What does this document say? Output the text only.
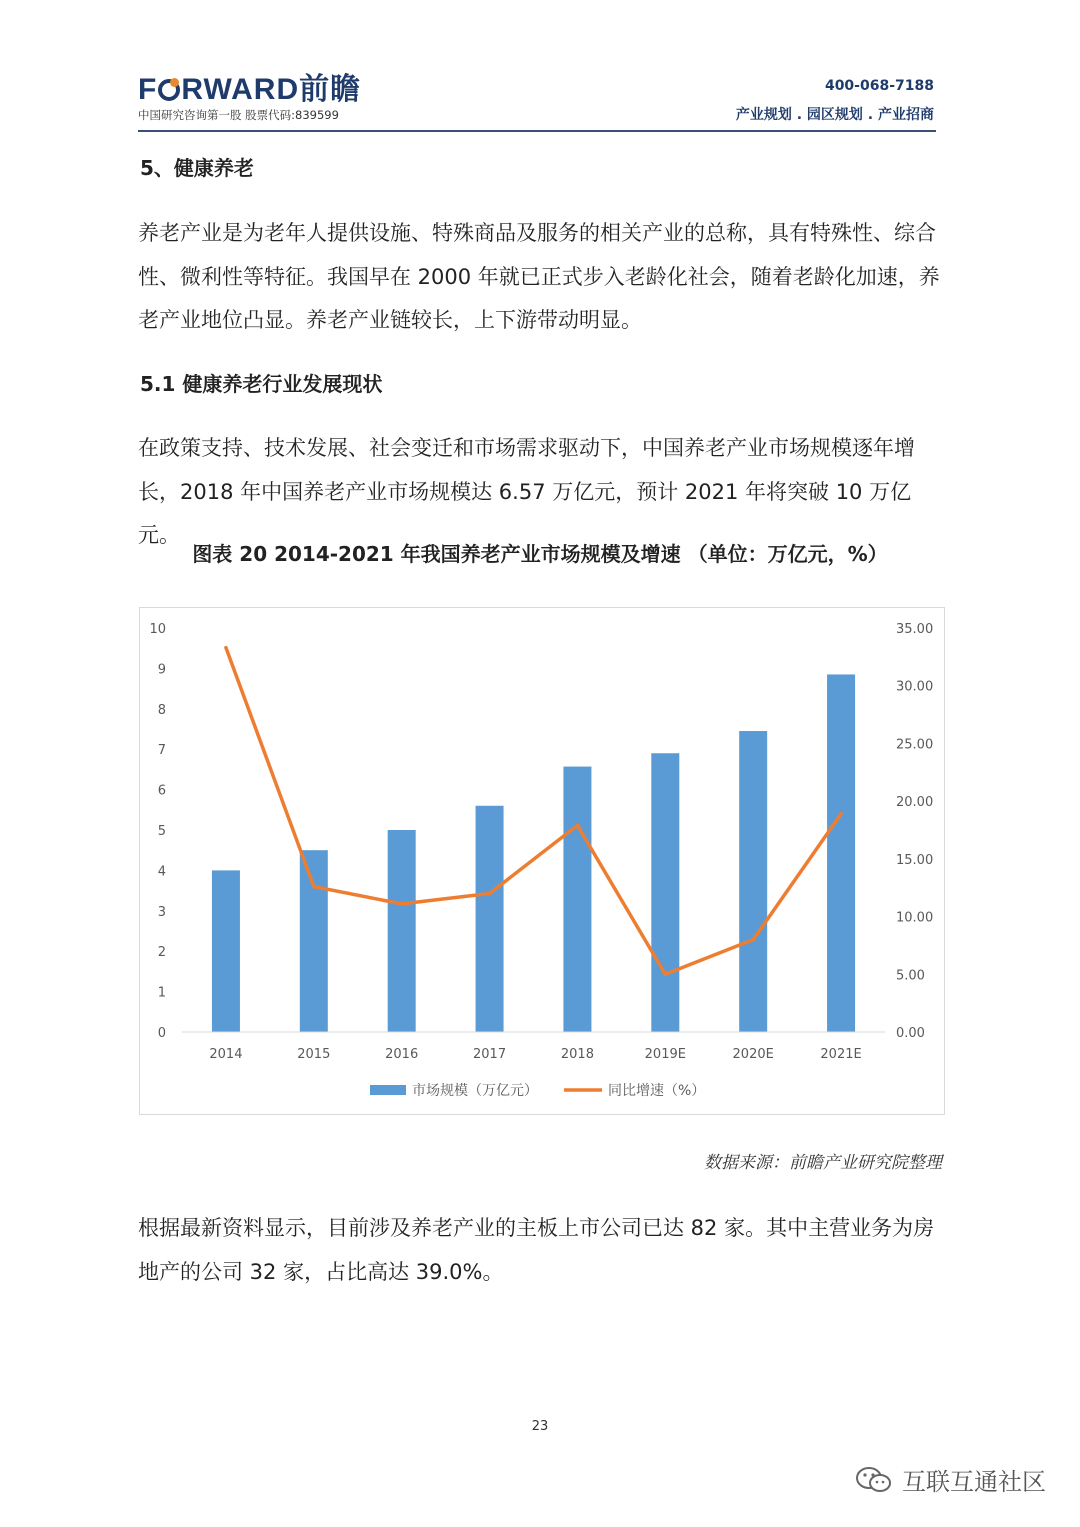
F RWARD前瞻
中国研究咨询第一股 股票代码:839599
400-068-7188
产业规划 . 园区规划 . 产业招商
5、健康养老
养老产业是为老年人提供设施、特殊商品及服务的相关产业的总称，具有特殊性、综合性、微利性等特征。我国早在 2000 年就已正式步入老龄化社会，随着老龄化加速，养老产业地位凸显。养老产业链较长，上下游带动明显。
5.1 健康养老行业发展现状
在政策支持、技术发展、社会变迁和市场需求驱动下，中国养老产业市场规模逐年增长，2018 年中国养老产业市场规模达 6.57 万亿元，预计 2021 年将突破 10 万亿元。
图表 20 2014-2021 年我国养老产业市场规模及增速 （单位：万亿元，%）
0
1
2
3
4
5
6
7
8
9
10
0.00
5.00
10.00
15.00
20.00
25.00
30.00
35.00
2014	2015	2016	2017	2018	2019E	2020E	2021E
市场规模（万亿元）	同比增速（%）
数据来源：前瞻产业研究院整理
根据最新资料显示，目前涉及养老产业的主板上市公司已达 82 家。其中主营业务为房地产的公司 32 家，占比高达 39.0%。
23
互联互通社区
